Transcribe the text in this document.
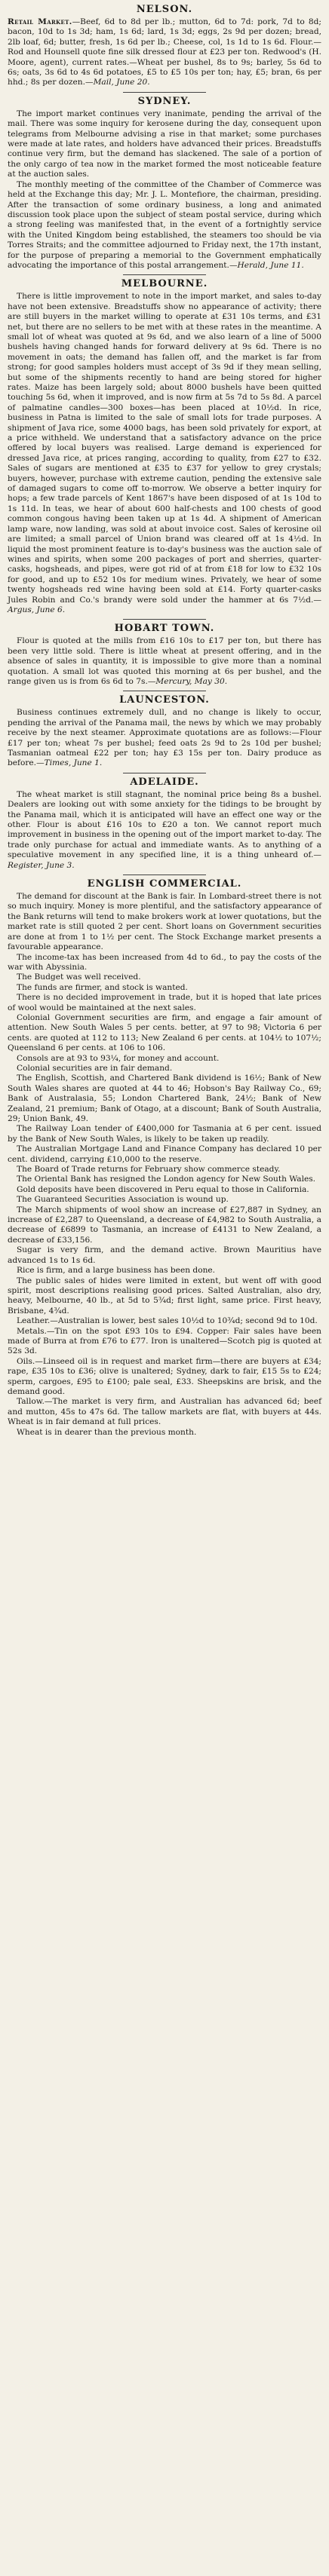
NELSON.

Retail Market.—Beef, 6d to 8d per lb.; mutton, 6d to 7d: pork, 7d to 8d; bacon, 10d to 1s 3d; ham, 1s 6d; lard, 1s 3d; eggs, 2s 9d per dozen; bread, 2lb loaf, 6d; butter, fresh, 1s 6d per lb.; Cheese, col, 1s 1d to 1s 6d. Flour.—Rod and Hounsell quote fine silk dressed flour at £23 per ton. Redwood's (H. Moore, agent), current rates.—Wheat per bushel, 8s to 9s; barley, 5s 6d to 6s; oats, 3s 6d to 4s 6d potatoes, £5 to £5 10s per ton; hay, £5; bran, 6s per hhd.; 8s per dozen.—Mail, June 20.

SYDNEY.

The import market continues very inanimate, pending the arrival of the mail. There was some inquiry for kerosene during the day, consequent upon telegrams from Melbourne advising a rise in that market; some purchases were made at late rates, and holders have advanced their prices. Breadstuffs continue very firm, but the demand has slackened. The sale of a portion of the only cargo of tea now in the market formed the most noticeable feature at the auction sales.

The monthly meeting of the committee of the Chamber of Commerce was held at the Exchange this day; Mr. J. L. Montefiore, the chairman, presiding. After the transaction of some ordinary business, a long and animated discussion took place upon the subject of steam postal service, during which a strong feeling was manifested that, in the event of a fortnightly service with the United Kingdom being established, the steamers too should be via Torres Straits; and the committee adjourned to Friday next, the 17th instant, for the purpose of preparing a memorial to the Government emphatically advocating the importance of this postal arrangement.—Herald, June 11.

MELBOURNE.

There is little improvement to note in the import market, and sales to-day have not been extensive. Breadstuffs show no appearance of activity; there are still buyers in the market willing to operate at £31 10s terms, and £31 net, but there are no sellers to be met with at these rates in the meantime. A small lot of wheat was quoted at 9s 6d, and we also learn of a line of 5000 bushels having changed hands for forward delivery at 9s 6d. There is no movement in oats; the demand has fallen off, and the market is far from strong; for good samples holders must accept of 3s 9d if they mean selling, but some of the shipments recently to hand are being stored for higher rates. Maize has been largely sold; about 8000 bushels have been quitted touching 5s 6d, when it improved, and is now firm at 5s 7d to 5s 8d. A parcel of palmatine candles—300 boxes—has been placed at 10½d. In rice, business in Patna is limited to the sale of small lots for trade purposes. A shipment of Java rice, some 4000 bags, has been sold privately for export, at a price withheld. We understand that a satisfactory advance on the price offered by local buyers was realised. Large demand is experienced for dressed Java rice, at prices ranging, according to quality, from £27 to £32. Sales of sugars are mentioned at £35 to £37 for yellow to grey crystals; buyers, however, purchase with extreme caution, pending the extensive sale of damaged sugars to come off to-morrow. We observe a better inquiry for hops; a few trade parcels of Kent 1867's have been disposed of at 1s 10d to 1s 11d. In teas, we hear of about 600 half-chests and 100 chests of good common congous having been taken up at 1s 4d. A shipment of American lamp ware, now landing, was sold at about invoice cost. Sales of kerosine oil are limited; a small parcel of Union brand was cleared off at 1s 4½d. In liquid the most prominent feature is to-day's business was the auction sale of wines and spirits, when some 200 packages of port and sherries, quarter-casks, hogsheads, and pipes, were got rid of at from £18 for low to £32 10s for good, and up to £52 10s for medium wines. Privately, we hear of some twenty hogsheads red wine having been sold at £14. Forty quarter-casks Jules Robin and Co.'s brandy were sold under the hammer at 6s 7½d.—Argus, June 6.

HOBART TOWN.

Flour is quoted at the mills from £16 10s to £17 per ton, but there has been very little sold. There is little wheat at present offering, and in the absence of sales in quantity, it is impossible to give more than a nominal quotation. A small lot was quoted this morning at 6s per bushel, and the range given us is from 6s 6d to 7s.—Mercury, May 30.

LAUNCESTON.

Business continues extremely dull, and no change is likely to occur, pending the arrival of the Panama mail, the news by which we may probably receive by the next steamer. Approximate quotations are as follows:—Flour £17 per ton; wheat 7s per bushel; feed oats 2s 9d to 2s 10d per bushel; Tasmanian oatmeal £22 per ton; hay £3 15s per ton. Dairy produce as before.—Times, June 1.

ADELAIDE.

The wheat market is still stagnant, the nominal price being 8s a bushel. Dealers are looking out with some anxiety for the tidings to be brought by the Panama mail, which it is anticipated will have an effect one way or the other. Flour is about £16 10s to £20 a ton. We cannot report much improvement in business in the opening out of the import market to-day. The trade only purchase for actual and immediate wants. As to anything of a speculative movement in any specified line, it is a thing unheard of.—Register, June 3.

ENGLISH COMMERCIAL.

The demand for discount at the Bank is fair. In Lombard-street there is not so much inquiry. Money is more plentiful, and the satisfactory appearance of the Bank returns will tend to make brokers work at lower quotations, but the market rate is still quoted 2 per cent. Short loans on Government securities are done at from 1 to 1½ per cent. The Stock Exchange market presents a favourable appearance.

The income-tax has been increased from 4d to 6d., to pay the costs of the war with Abyssinia.

The Budget was well received.

The funds are firmer, and stock is wanted.

There is no decided improvement in trade, but it is hoped that late prices of wool would be maintained at the next sales.

Colonial Government securities are firm, and engage a fair amount of attention. New South Wales 5 per cents. better, at 97 to 98; Victoria 6 per cents. are quoted at 112 to 113; New Zealand 6 per cents. at 104½ to 107½; Queensland 6 per cents. at 106 to 106.

Consols are at 93 to 93¼, for money and account.

Colonial securities are in fair demand.

The English, Scottish, and Chartered Bank dividend is 16½; Bank of New South Wales shares are quoted at 44 to 46; Hobson's Bay Railway Co., 69; Bank of Australasia, 55; London Chartered Bank, 24½; Bank of New Zealand, 21 premium; Bank of Otago, at a discount; Bank of South Australia, 29; Union Bank, 49.

The Railway Loan tender of £400,000 for Tasmania at 6 per cent. issued by the Bank of New South Wales, is likely to be taken up readily.

The Australian Mortgage Land and Finance Company has declared 10 per cent. dividend, carrying £10,000 to the reserve.

The Board of Trade returns for February show commerce steady.

The Oriental Bank has resigned the London agency for New South Wales.

Gold deposits have been discovered in Peru equal to those in California.

The Guaranteed Securities Association is wound up.

The March shipments of wool show an increase of £27,887 in Sydney, an increase of £2,287 to Queensland, a decrease of £4,982 to South Australia, a decrease of £6899 to Tasmania, an increase of £4131 to New Zealand, a decrease of £33,156.

Sugar is very firm, and the demand active. Brown Mauritius have advanced 1s to 1s 6d.

Rice is firm, and a large business has been done.

The public sales of hides were limited in extent, but went off with good spirit, most descriptions realising good prices. Salted Australian, also dry, heavy, Melbourne, 40 lb., at 5d to 5¾d; first light, same price. First heavy, Brisbane, 4¾d.

Leather.—Australian is lower, best sales 10½d to 10¾d; second 9d to 10d.

Metals.—Tin on the spot £93 10s to £94. Copper: Fair sales have been made of Burra at from £76 to £77. Iron is unaltered—Scotch pig is quoted at 52s 3d.

Oils.—Linseed oil is in request and market firm—there are buyers at £34; rape, £35 10s to £36; olive is unaltered; Sydney, dark to fair, £15 5s to £24; sperm, cargoes, £95 to £100; pale seal, £33. Sheepskins are brisk, and the demand good.

Tallow.—The market is very firm, and Australian has advanced 6d; beef and mutton, 45s to 47s 6d. The tallow markets are flat, with buyers at 44s. Wheat is in fair demand at full prices.

Wheat is in dearer than the previous month.
